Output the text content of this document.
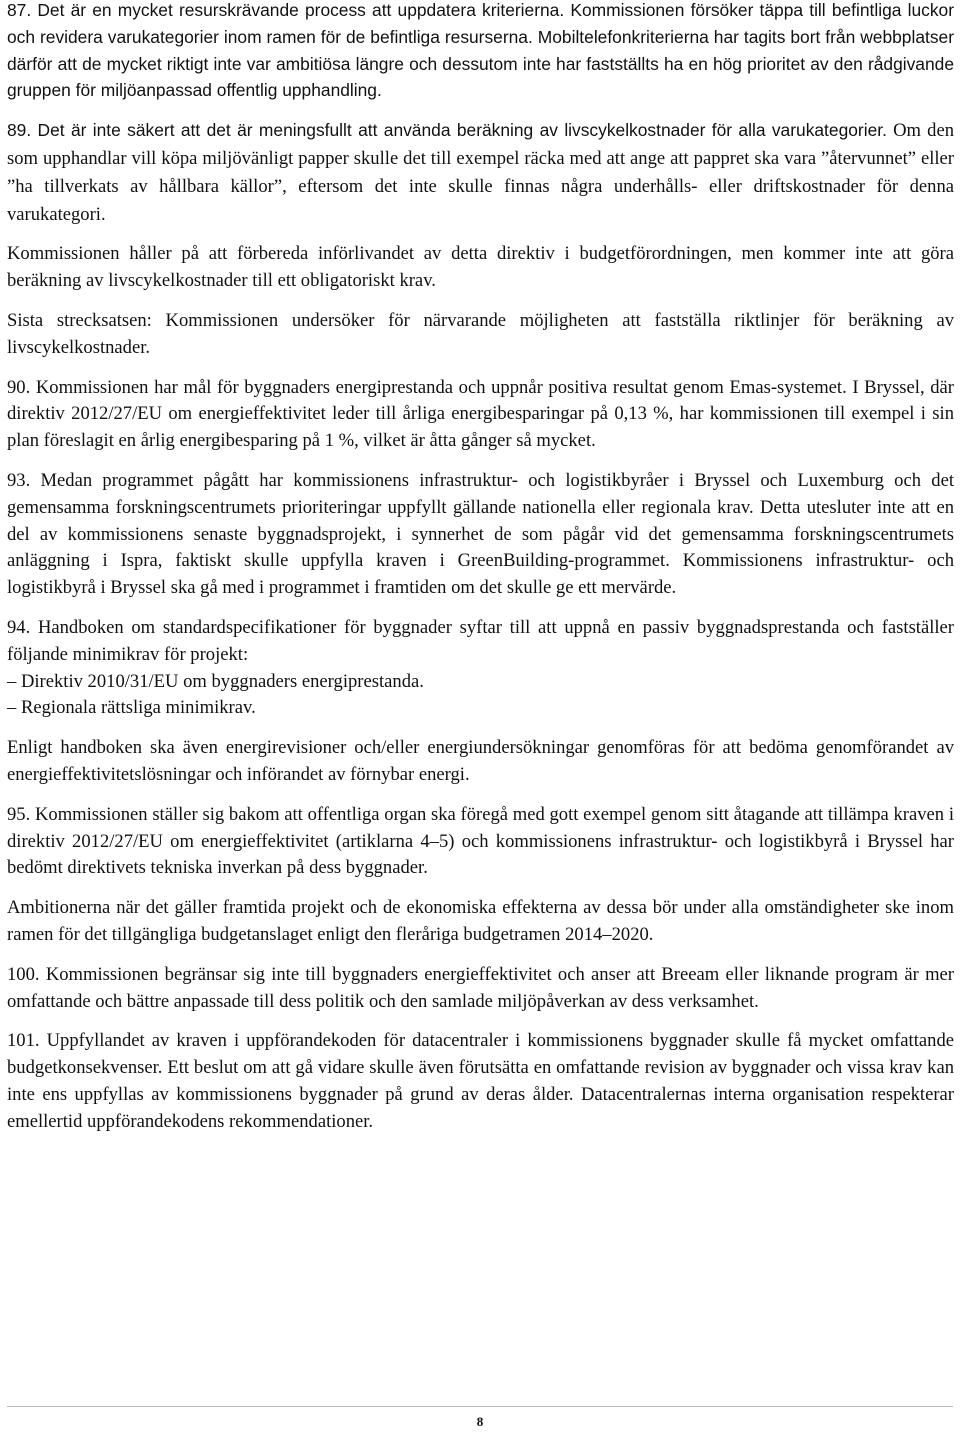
87. Det är en mycket resurskrävande process att uppdatera kriterierna. Kommissionen försöker täppa till befintliga luckor och revidera varukategorier inom ramen för de befintliga resurserna. Mobiltelefonkriterierna har tagits bort från webbplatser därför att de mycket riktigt inte var ambitiösa längre och dessutom inte har fastställts ha en hög prioritet av den rådgivande gruppen för miljöanpassad offentlig upphandling.

89. Det är inte säkert att det är meningsfullt att använda beräkning av livscykelkostnader för alla varukategorier. Om den som upphandlar vill köpa miljövänligt papper skulle det till exempel räcka med att ange att pappret ska vara ”återvunnet” eller ”ha tillverkats av hållbara källor”, eftersom det inte skulle finnas några underhålls- eller driftskostnader för denna varukategori.

Kommissionen håller på att förbereda införlivandet av detta direktiv i budgetförordningen, men kommer inte att göra beräkning av livscykelkostnader till ett obligatoriskt krav.

Sista strecksatsen: Kommissionen undersöker för närvarande möjligheten att fastställa riktlinjer för beräkning av livscykelkostnader.

90. Kommissionen har mål för byggnaders energiprestanda och uppnår positiva resultat genom Emas-systemet. I Bryssel, där direktiv 2012/27/EU om energieffektivitet leder till årliga energibesparingar på 0,13 %, har kommissionen till exempel i sin plan föreslagit en årlig energibesparing på 1 %, vilket är åtta gånger så mycket.

93. Medan programmet pågått har kommissionens infrastruktur- och logistikbyråer i Bryssel och Luxemburg och det gemensamma forskningscentrumets prioriteringar uppfyllt gällande nationella eller regionala krav. Detta utesluter inte att en del av kommissionens senaste byggnadsprojekt, i synnerhet de som pågår vid det gemensamma forskningscentrumets anläggning i Ispra, faktiskt skulle uppfylla kraven i GreenBuilding-programmet. Kommissionens infrastruktur- och logistikbyrå i Bryssel ska gå med i programmet i framtiden om det skulle ge ett mervärde.

94. Handboken om standardspecifikationer för byggnader syftar till att uppnå en passiv byggnadsprestanda och fastställer följande minimikrav för projekt:

– Direktiv 2010/31/EU om byggnaders energiprestanda.

– Regionala rättsliga minimikrav.

Enligt handboken ska även energirevisioner och/eller energiundersökningar genomföras för att bedöma genomförandet av energieffektivitetslösningar och införandet av förnybar energi.

95. Kommissionen ställer sig bakom att offentliga organ ska föregå med gott exempel genom sitt åtagande att tillämpa kraven i direktiv 2012/27/EU om energieffektivitet (artiklarna 4–5) och kommissionens infrastruktur- och logistikbyrå i Bryssel har bedömt direktivets tekniska inverkan på dess byggnader.

Ambitionerna när det gäller framtida projekt och de ekonomiska effekterna av dessa bör under alla omständigheter ske inom ramen för det tillgängliga budgetanslaget enligt den fleråriga budgetramen 2014–2020.

100. Kommissionen begränsar sig inte till byggnaders energieffektivitet och anser att Breeam eller liknande program är mer omfattande och bättre anpassade till dess politik och den samlade miljöpåverkan av dess verksamhet.

101. Uppfyllandet av kraven i uppförandekoden för datacentraler i kommissionens byggnader skulle få mycket omfattande budgetkonsekvenser. Ett beslut om att gå vidare skulle även förutsätta en omfattande revision av byggnader och vissa krav kan inte ens uppfyllas av kommissionens byggnader på grund av deras ålder. Datacentralernas interna organisation respekterar emellertid uppförandekodens rekommendationer.

8
